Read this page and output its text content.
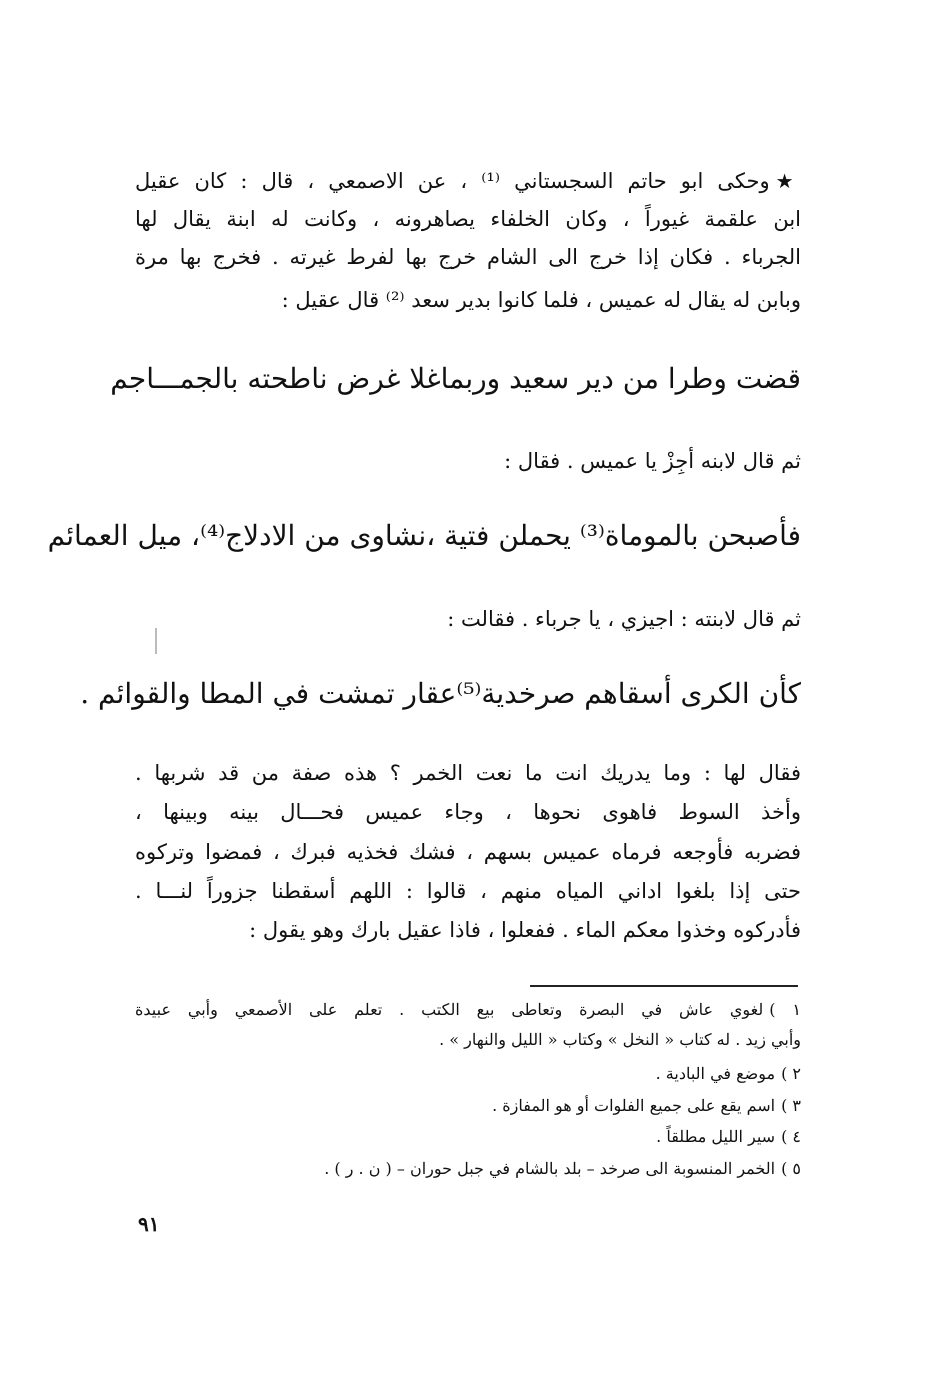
★وحكى ابو حاتم السجستاني ⁽¹⁾ ، عن الاصمعي ، قال : كان عقيل
ابن علقمة غيوراً ، وكان الخلفاء يصاهرونه ، وكانت له ابنة يقال لها
الجرباء . فكان إذا خرج الى الشام خرج بها لفرط غيرته . فخرج بها مرة
وبابن له يقال له عميس ، فلما كانوا بدير سعد ⁽²⁾ قال عقيل :
قضت وطرا من دير سعيد وربما
غلا غرض ناطحته بالجمـــاجم
ثم قال لابنه أجِزْ يا عميس . فقال :
فأصبحن بالموماة⁽³⁾ يحملن فتية ،
نشاوى من الادلاج⁽⁴⁾، ميل العمائم
ثم قال لابنته : اجيزي ، يا جرباء . فقالت :
كأن الكرى أسقاهم صرخدية⁽⁵⁾
عقار تمشت في المطا والقوائم .
فقال لها : وما يدريك انت ما نعت الخمر ؟ هذه صفة من قد شربها .
وأخذ السوط فاهوى نحوها ، وجاء عميس فحـــال بينه وبينها ،
فضربه فأوجعه فرماه عميس بسهم ، فشك فخذيه فبرك ، فمضوا وتركوه
حتى إذا بلغوا اداني المياه منهم ، قالوا : اللهم أسقطنا جزوراً لنـــا .
فأدركوه وخذوا معكم الماء . ففعلوا ، فاذا عقيل بارك وهو يقول :
١ )لغوي عاش في البصرة وتعاطى بيع الكتب . تعلم على الأصمعي وأبي عبيدة
وأبي زيد . له كتاب « النخل » وكتاب « الليل والنهار » .
٢ )موضع في البادية .
٣ )اسم يقع على جميع الفلوات أو هو المفازة .
٤ )سير الليل مطلقاً .
٥ )الخمر المنسوبة الى صرخد – بلد بالشام في جبل حوران – ( ن . ر ) .
٩١
